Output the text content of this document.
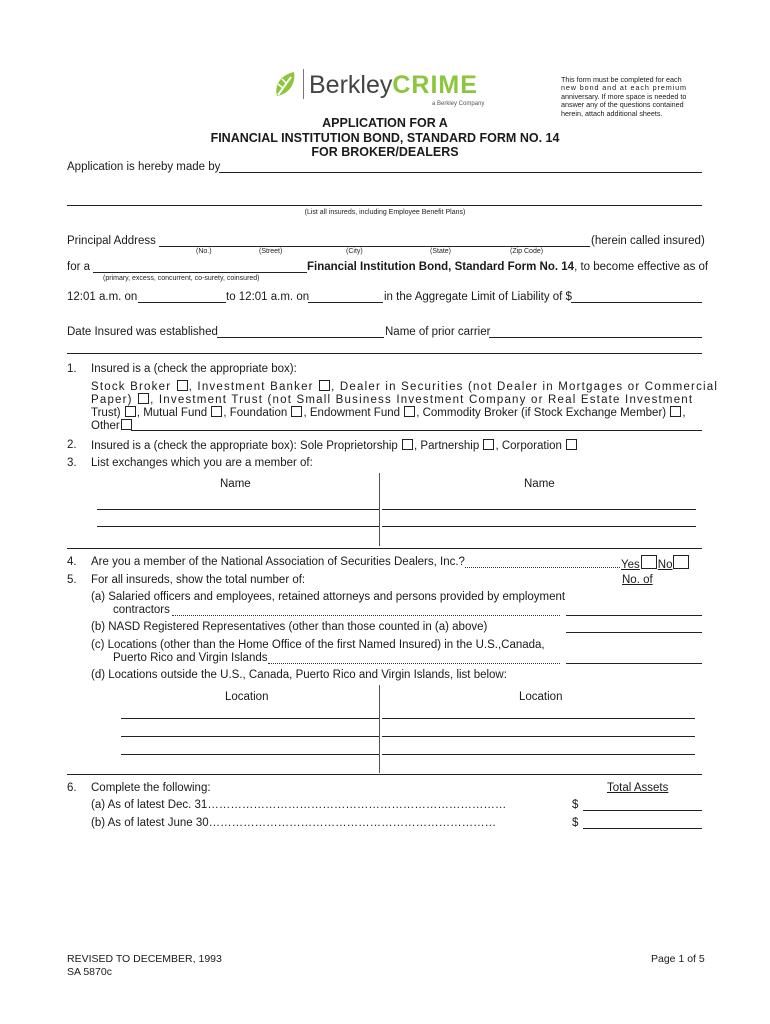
BerkleyCRIME
a Berkley Company
This form must be completed for each
new bond and at each premium
anniversary. If more space is needed to
answer any of the questions contained
herein, attach additional sheets.
APPLICATION FOR A
FINANCIAL INSTITUTION BOND, STANDARD FORM NO. 14
FOR BROKER/DEALERS
Application is hereby made by
(List all insureds, including Employee Benefit Plans)
Principal Address	(herein called insured)
(No.)	(Street)	(City)	(State)	(Zip Code)
for a	Financial Institution Bond, Standard Form No. 14, to become effective as of
(primary, excess, concurrent, co-surety, coinsured)
12:01 a.m. on	to 12:01 a.m. on	in the Aggregate Limit of Liability of $
Date Insured was established	Name of prior carrier
1. Insured is a (check the appropriate box):
Stock Broker , Investment Banker , Dealer in Securities (not Dealer in Mortgages or Commercial
Paper) , Investment Trust (not Small Business Investment Company or Real Estate Investment
Trust) , Mutual Fund , Foundation , Endowment Fund , Commodity Broker (if Stock Exchange Member) ,
Other
2. Insured is a (check the appropriate box): Sole Proprietorship , Partnership , Corporation
3. List exchanges which you are a member of:
Name	Name
4. Are you a member of the National Association of Securities Dealers, Inc.?	Yes No
5. For all insureds, show the total number of:	No. of
(a) Salaried officers and employees, retained attorneys and persons provided by employment
contractors
(b) NASD Registered Representatives (other than those counted in (a) above)
(c) Locations (other than the Home Office of the first Named Insured) in the U.S.,Canada,
Puerto Rico and Virgin Islands
(d) Locations outside the U.S., Canada, Puerto Rico and Virgin Islands, list below:
Location	Location
6. Complete the following:	Total Assets
(a) As of latest Dec. 31……………………………………………………………………	$
(b) As of latest June 30…………………………………………………………………	$
REVISED TO DECEMBER, 1993
SA 5870c
Page 1 of 5
